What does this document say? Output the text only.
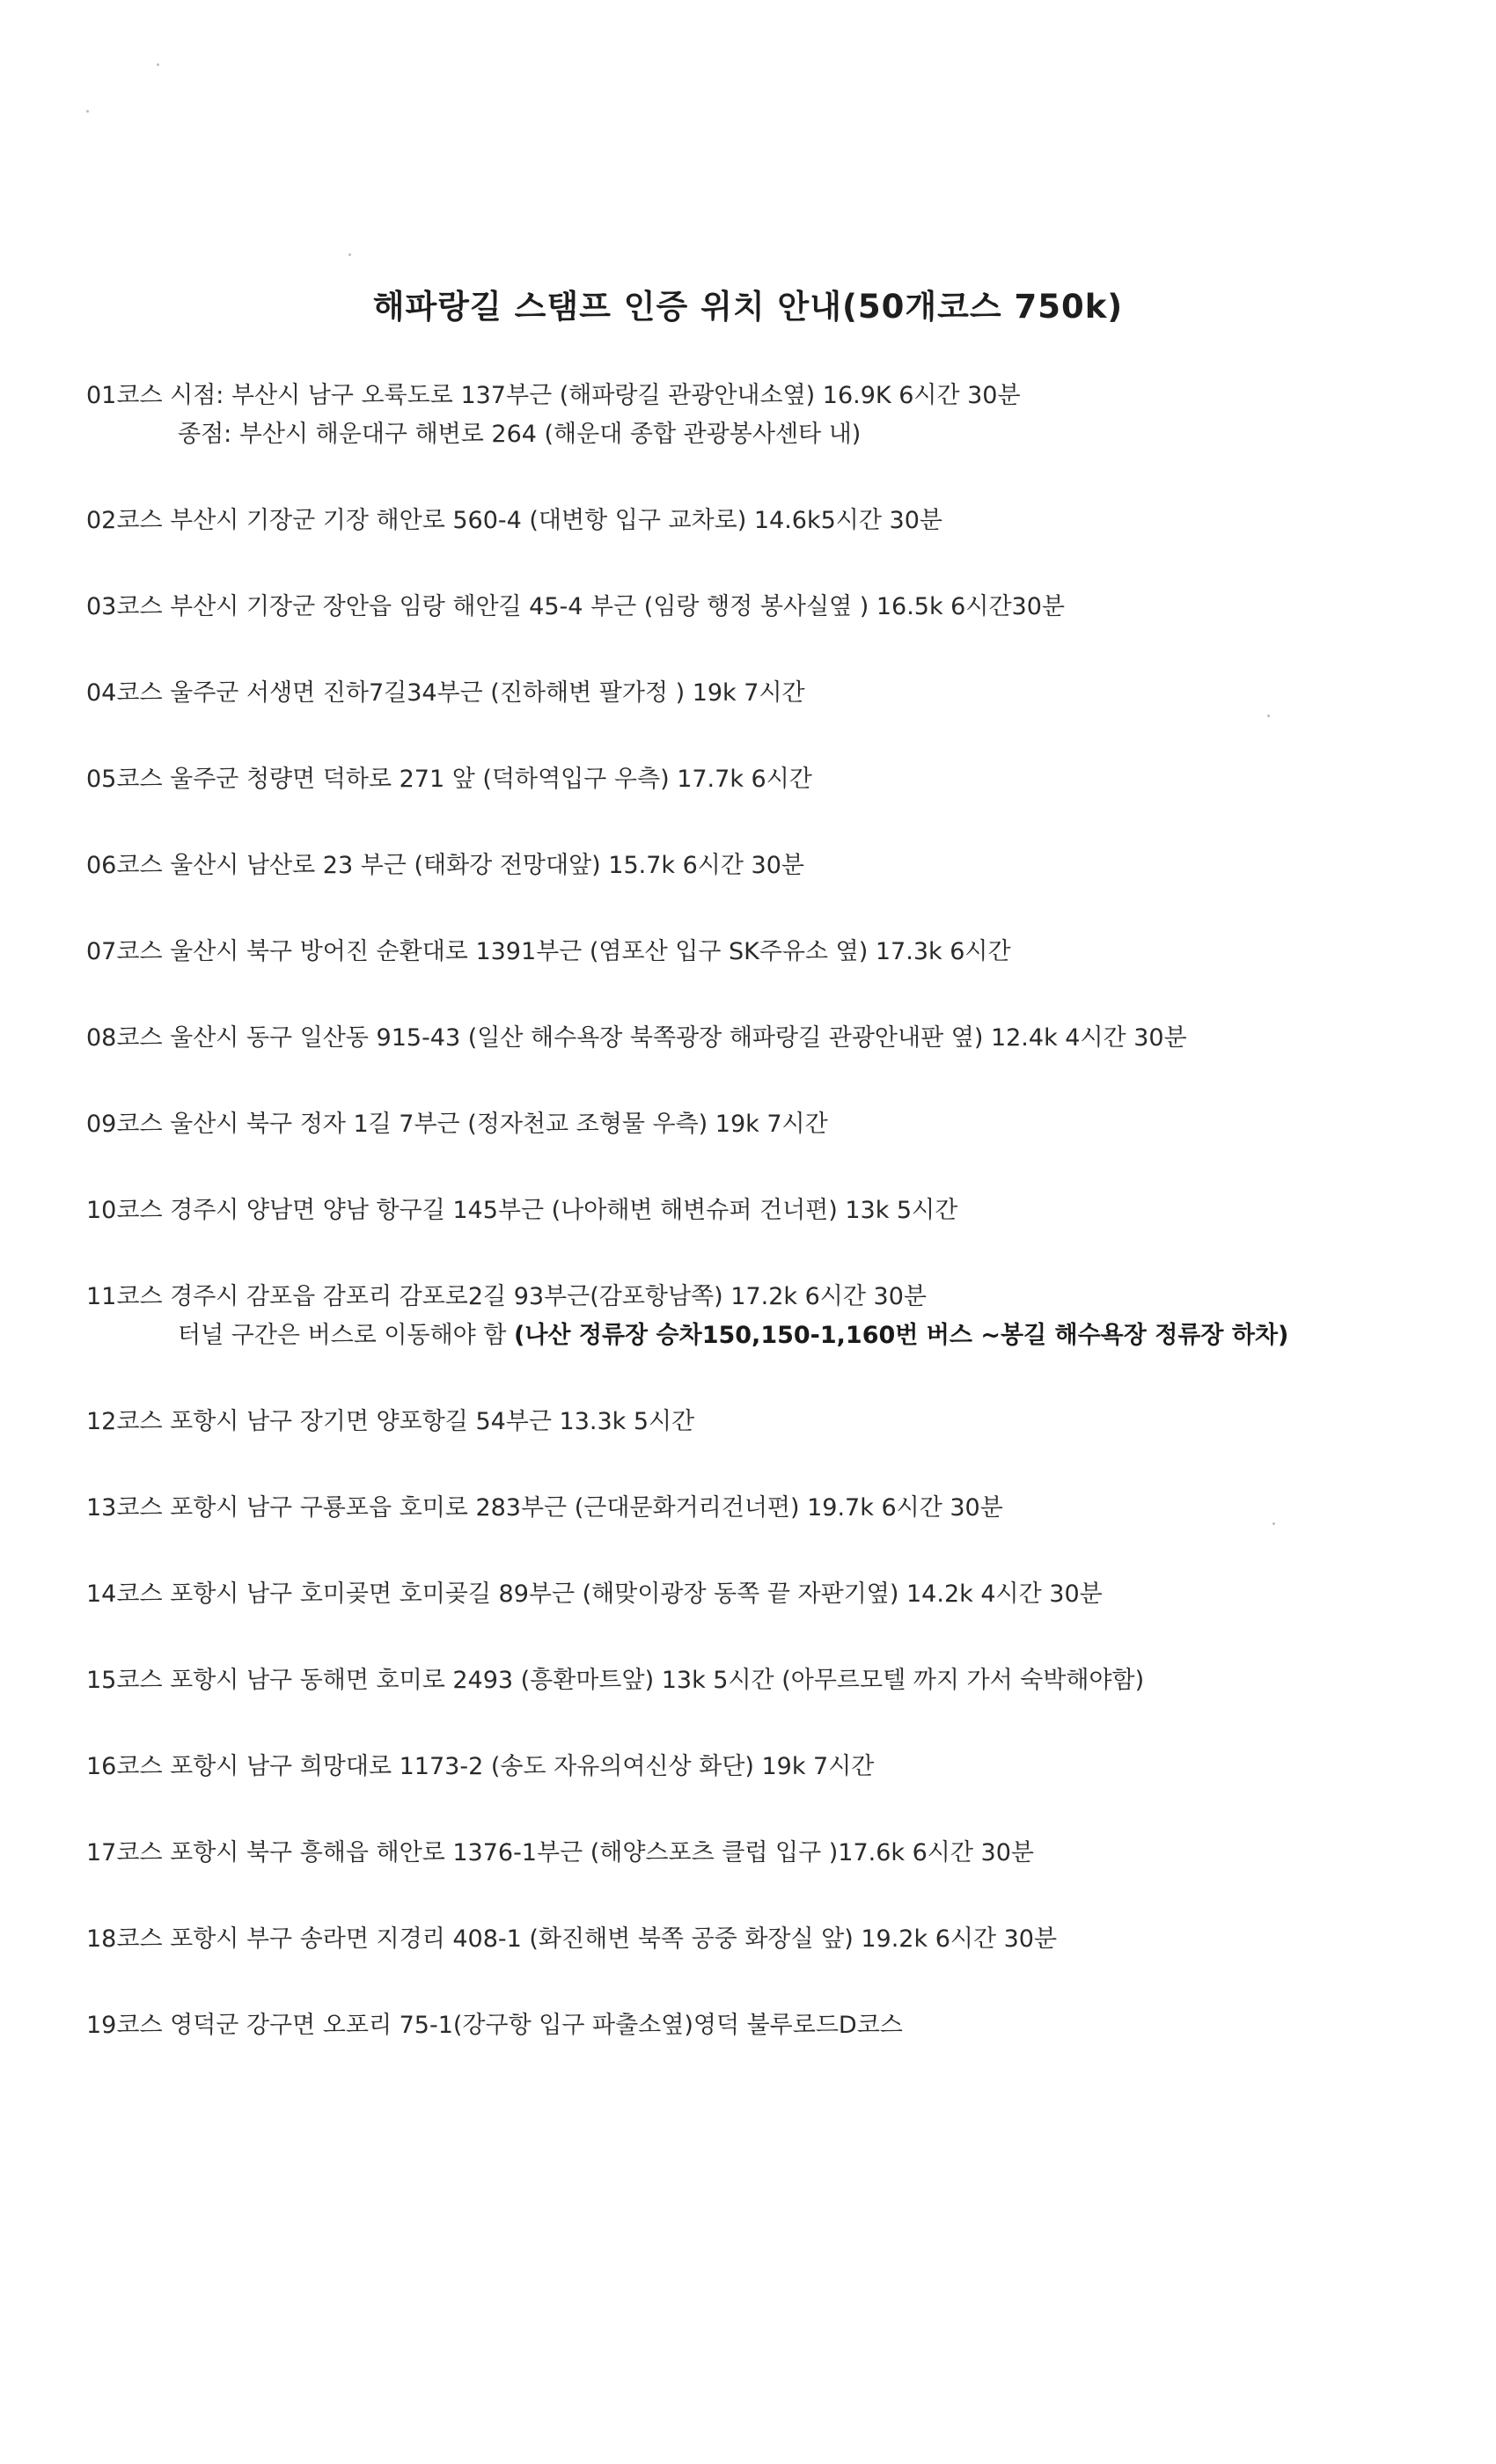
해파랑길 스탬프 인증 위치 안내(50개코스 750k)
01코스 시점: 부산시 남구 오륙도로 137부근 (해파랑길 관광안내소옆) 16.9K 6시간 30분
종점: 부산시 해운대구 해변로 264 (해운대 종합 관광봉사센타 내)
02코스 부산시 기장군 기장 해안로 560-4 (대변항 입구 교차로) 14.6k5시간 30분
03코스 부산시 기장군 장안읍 임랑 해안길 45-4 부근 (임랑 행정 봉사실옆 ) 16.5k 6시간30분
04코스 울주군 서생면 진하7길34부근 (진하해변 팔가정 ) 19k 7시간
05코스 울주군 청량면 덕하로 271 앞 (덕하역입구 우측) 17.7k 6시간
06코스 울산시 남산로 23 부근 (태화강 전망대앞) 15.7k 6시간 30분
07코스 울산시 북구 방어진 순환대로 1391부근 (염포산 입구 SK주유소 옆) 17.3k 6시간
08코스 울산시 동구 일산동 915-43 (일산 해수욕장 북쪽광장 해파랑길 관광안내판 옆) 12.4k 4시간 30분
09코스 울산시 북구 정자 1길 7부근 (정자천교 조형물 우측) 19k 7시간
10코스 경주시 양남면 양남 항구길 145부근 (나아해변 해변슈퍼 건너편) 13k 5시간
11코스 경주시 감포읍 감포리 감포로2길 93부근(감포항남쪽) 17.2k 6시간 30분
터널 구간은 버스로 이동해야 함 (나산 정류장 승차150,150-1,160번 버스 ~봉길 해수욕장 정류장 하차)
12코스 포항시 남구 장기면 양포항길 54부근 13.3k 5시간
13코스 포항시 남구 구룡포읍 호미로 283부근 (근대문화거리건너편) 19.7k 6시간 30분
14코스 포항시 남구 호미곶면 호미곶길 89부근 (해맞이광장 동쪽 끝 자판기옆) 14.2k 4시간 30분
15코스 포항시 남구 동해면 호미로 2493 (흥환마트앞) 13k 5시간 (아무르모텔 까지 가서 숙박해야함)
16코스 포항시 남구 희망대로 1173-2 (송도 자유의여신상 화단) 19k 7시간
17코스 포항시 북구 흥해읍 해안로 1376-1부근 (해양스포츠 클럽 입구 )17.6k 6시간 30분
18코스 포항시 부구 송라면 지경리 408-1 (화진해변 북쪽 공중 화장실 앞) 19.2k 6시간 30분
19코스 영덕군 강구면 오포리 75-1(강구항 입구 파출소옆)영덕 불루로드D코스
